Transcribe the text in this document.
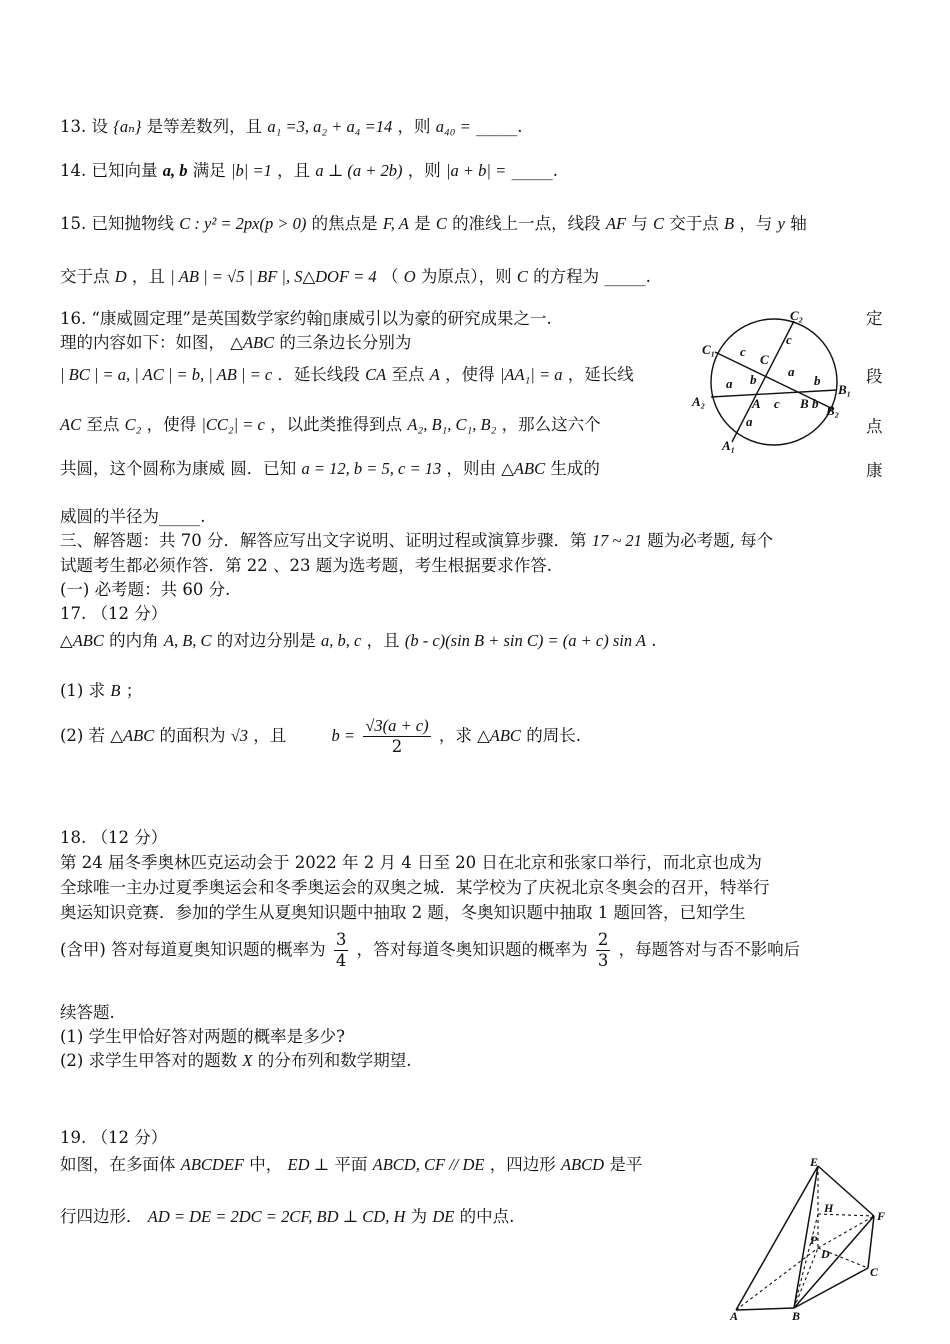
13. 设 {aₙ} 是等差数列，且 a₁ =3, a₂ + a₄ =14 ，则 a₄₀ = _____.
14. 已知向量 a, b 满足 |b| =1 ，且 a ⊥ (a + 2b) ，则 |a + b| = _____.
15. 已知抛物线 C : y² = 2px(p > 0) 的焦点是 F, A 是 C 的准线上一点，线段 AF 与 C 交于点 B ，与 y 轴
交于点 D ，且 | AB | = √5 | BF |, S△DOF = 4 （ O 为原点），则 C 的方程为 _____.
16. “康威圆定理”是英国数学家约翰▯康威引以为豪的研究成果之一.	定
理的内容如下：如图， △ABC 的三条边长分别为
| BC | = a, | AC | = b, | AB | = c ．延长线段 CA 至点 A ，使得 |AA₁| = a ，延长线	段
AC 至点 C₂ ，使得 |CC₂| = c ，以此类推得到点 A₂, B₁, C₁, B₂ ，那么这六个	点
共圆，这个圆称为康威 圆．已知 a = 12, b = 5, c = 13 ，则由 △ABC 生成的	康
威圆的半径为_____.
C₂
C₁ c
C
c
b
a
a	b
B₁
A₂	A c B b B₂
a
A₁
三、解答题：共 70 分．解答应写出文字说明、证明过程或演算步骤．第 17 ~ 21 题为必考题, 每个
试题考生都必须作答．第 22 、23 题为选考题，考生根据要求作答.
(一) 必考题：共 60 分.
17. （12 分）
△ABC 的内角 A, B, C 的对边分别是 a, b, c ，且 (b - c)(sin B + sin C) = (a + c) sin A .
(1) 求 B ；
(2) 若 △ABC 的面积为 √3 ，且	$b = \frac{√3(a + c)}{2}$ ，求 △ABC 的周长.
18. （12 分）
第 24 届冬季奥林匹克运动会于 2022 年 2 月 4 日至 20 日在北京和张家口举行，而北京也成为
全球唯一主办过夏季奥运会和冬季奥运会的双奥之城．某学校为了庆祝北京冬奥会的召开，特举行
奥运知识竞赛．参加的学生从夏奥知识题中抽取 2 题，冬奥知识题中抽取 1 题回答，已知学生
(含甲) 答对每道夏奥知识题的概率为 $\frac{3}{4}$ ，答对每道冬奥知识题的概率为 $\frac{2}{3}$ ，每题答对与否不影响后
续答题.
(1) 学生甲恰好答对两题的概率是多少?
(2) 求学生甲答对的题数 X 的分布列和数学期望.
19. （12 分）
如图，在多面体 ABCDEF 中， ED ⊥ 平面 ABCD, CF // DE ，四边形 ABCD 是平
行四边形． AD = DE = 2DC = 2CF, BD ⊥ CD, H 为 DE 的中点.
E
H
F
P
D
C
A	B
